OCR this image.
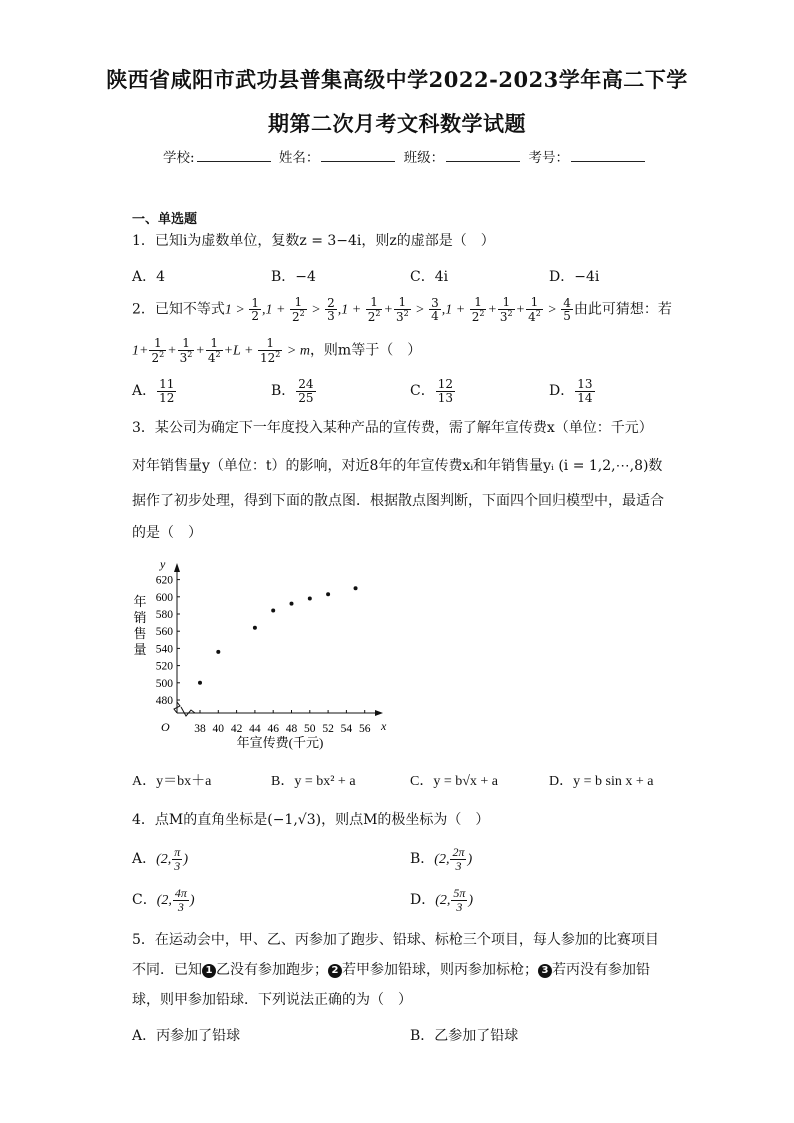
陕西省咸阳市武功县普集高级中学2022-2023学年高二下学
期第二次月考文科数学试题
学校:	姓名：	班级：	考号：
一、单选题
1．已知i为虚数单位，复数z = 3−4i，则z的虚部是（　）
A．4	B．−4	C．4i	D．−4i
2．已知不等式$1 > \frac{1}{2} ,1 + \frac{1}{2^2} > \frac{2}{3} ,1 + \frac{1}{2^2} + \frac{1}{3^2} > \frac{3}{4} ,1 + \frac{1}{2^2} + \frac{1}{3^2} + \frac{1}{4^2} > \frac{4}{5}$ 由此可猜想：若
$1+ \frac{1}{2^2} + \frac{1}{3^2} + \frac{1}{4^2} +L + \frac{1}{12^2} > m$，则m等于（　）
A． $\frac{11}{12}$	B． $\frac{24}{25}$	C． $\frac{12}{13}$	D． $\frac{13}{14}$
3．某公司为确定下一年度投入某种产品的宣传费，需了解年宣传费x（单位：千元）
对年销售量y（单位：t）的影响，对近8年的年宣传费xᵢ和年销售量yᵢ (i = 1,2,⋯,8)数
据作了初步处理，得到下面的散点图．根据散点图判断，下面四个回归模型中，最适合
的是（　）
x
y
O 38 40 42 44 46 48 50 52 54 56
480
500
520
540
560
580
600
620
年
销
售
量
年宣传费(千元)
A．y＝bx＋a	B．y = bx² + a	C．y = b√x + a	D．y = b sin x + a
4．点M的直角坐标是(−1,√3)，则点M的极坐标为（　）
A．(2, $\frac{\pi}{3}$ )	B．(2, $\frac{2\pi}{3}$ )
C．(2, $\frac{4\pi}{3}$ )	D．(2, $\frac{5\pi}{3}$ )
5．在运动会中，甲、乙、丙参加了跑步、铅球、标枪三个项目，每人参加的比赛项目
不同．已知 1 乙没有参加跑步； 2 若甲参加铅球，则丙参加标枪； 3 若丙没有参加铅
球，则甲参加铅球．下列说法正确的为（　）
A．丙参加了铅球	B．乙参加了铅球
